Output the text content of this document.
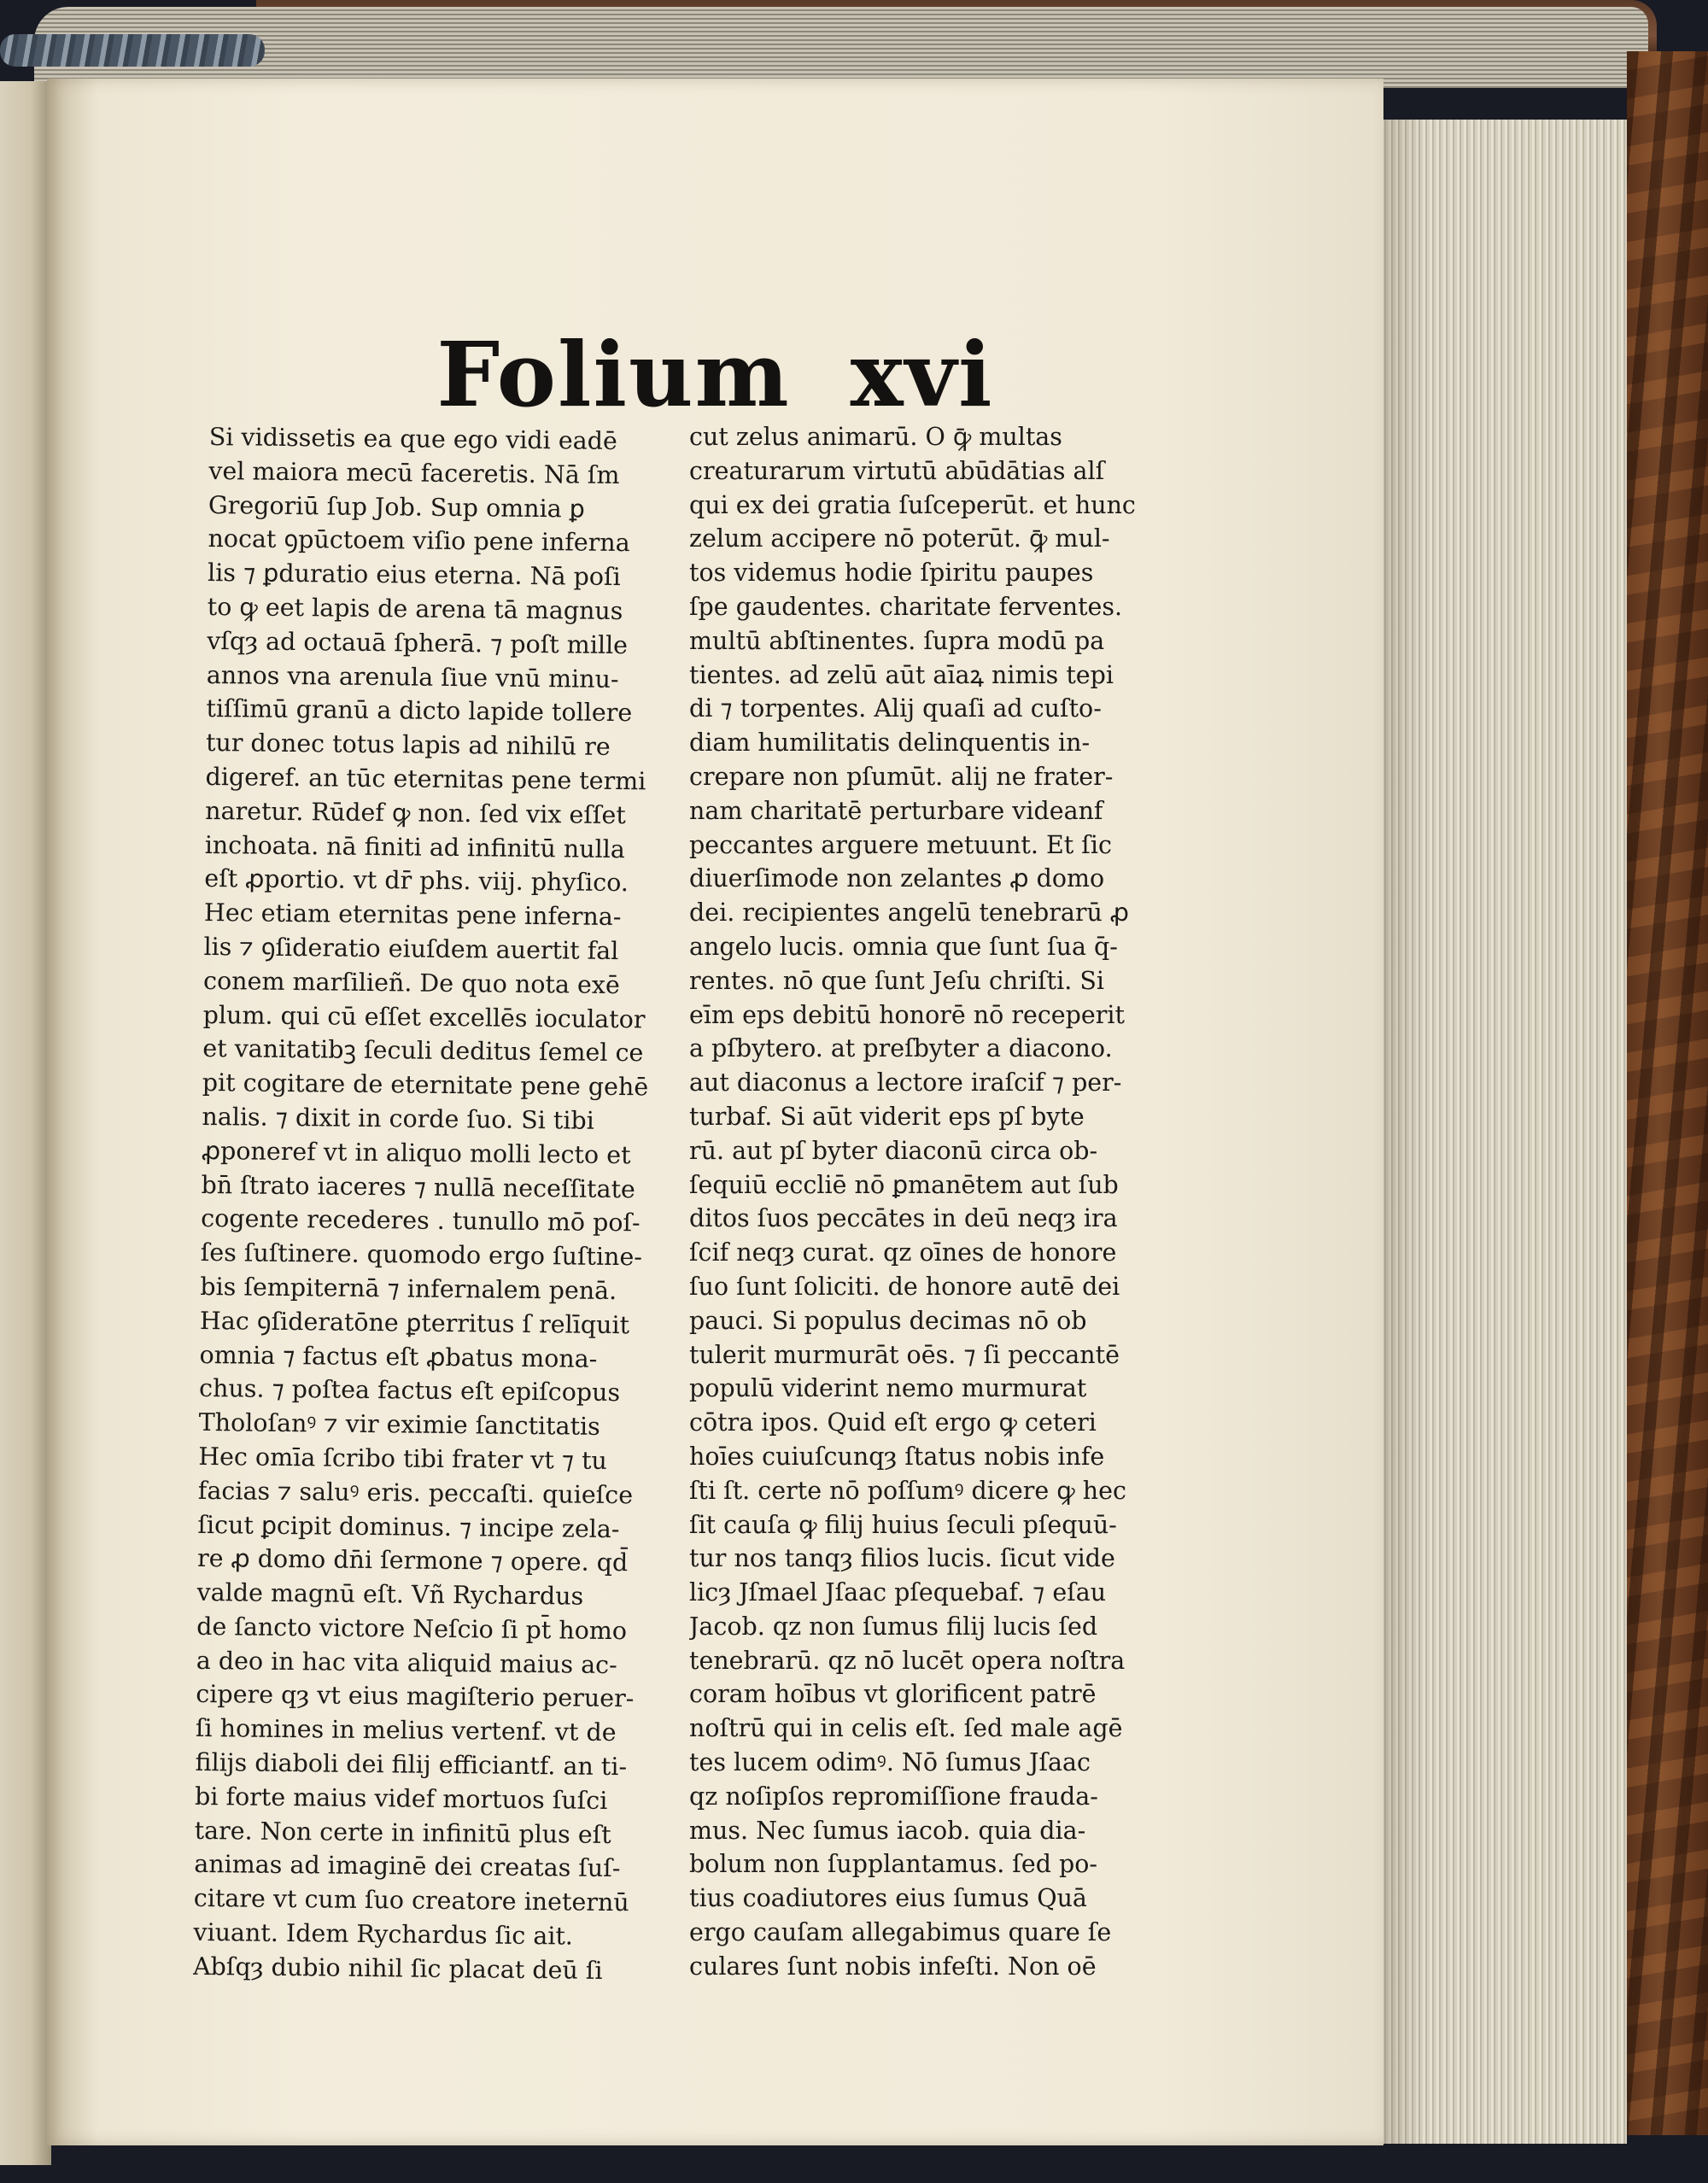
Folium xvi
Si vidissetis ea que ego vidi eadē
vel maiora mecū faceretis. Nā ſm
Gregoriū ſup Job. Sup omnia ꝑ
nocat ꝯpūctoem viſio pene inferna
lis ⁊ ꝑduratio eius eterna. Nā poſi
to ꝙ eet lapis de arena tā magnus
vſqȝ ad octauā ſpherā. ⁊ poſt mille
annos vna arenula ſiue vnū minu-
tiſſimū granū a dicto lapide tollere
tur donec totus lapis ad nihilū re
digeref. an tūc eternitas pene termi
naretur. Rūdef ꝙ non. ſed vix eſſet
inchoata. nā finiti ad infinitū nulla
eſt ꝓportio. vt dr̄ phs. viij. phyſico.
Hec etiam eternitas pene inferna-
lis ⁊ ꝯſideratio eiuſdem auertit fal
conem marſilieñ. De quo nota exē
plum. qui cū eſſet excellēs ioculator
et vanitatibꝫ ſeculi deditus ſemel ce
pit cogitare de eternitate pene gehē
nalis. ⁊ dixit in corde ſuo. Si tibi
ꝓponeref vt in aliquo molli lecto et
bn̄ ſtrato iaceres ⁊ nullā neceſſitate
cogente recederes . tunullo mō poſ-
ſes ſuſtinere. quomodo ergo ſuſtine-
bis ſempiternā ⁊ infernalem penā.
Hac ꝯſideratōne ꝑterritus ſ relīquit
omnia ⁊ factus eſt ꝓbatus mona-
chus. ⁊ poſtea factus eſt epiſcopus
Tholoſanꝰ ⁊ vir eximie ſanctitatis
Hec omīa ſcribo tibi frater vt ⁊ tu
facias ⁊ saluꝰ eris. peccaſti. quieſce
ſicut ꝑcipit dominus. ⁊ incipe zela-
re ꝓ domo dn̄i ſermone ⁊ opere. qd̄
valde magnū eſt. Vñ Rychardus
de ſancto victore Neſcio ſi pt̄ homo
a deo in hac vita aliquid maius ac-
cipere qȝ vt eius magiſterio peruer-
ſi homines in melius vertenf. vt de
filijs diaboli dei filij efficiantf. an ti-
bi forte maius videf mortuos ſuſci
tare. Non certe in infinitū plus eſt
animas ad imaginē dei creatas ſuſ-
citare vt cum ſuo creatore ineternū
viuant. Idem Rychardus ſic ait.
Abſqȝ dubio nihil ſic placat deū ſi
cut zelus animarū. O ꝙ̄ multas
creaturarum virtutū abūdātias alſ
qui ex dei gratia ſuſceperūt. et hunc
zelum accipere nō poterūt. ꝙ̄ mul-
tos videmus hodie ſpiritu paupes
ſpe gaudentes. charitate ferventes.
multū abſtinentes. ſupra modū pa
tientes. ad zelū aūt aīaꝝ nimis tepi
di ⁊ torpentes. Alij quaſi ad cuſto-
diam humilitatis delinquentis in-
crepare non pſumūt. alij ne frater-
nam charitatē perturbare videanf
peccantes arguere metuunt. Et ſic
diuerſimode non zelantes ꝓ domo
dei. recipientes angelū tenebrarū ꝓ
angelo lucis. omnia que ſunt ſua q̄-
rentes. nō que ſunt Jeſu chriſti. Si
eīm eps debitū honorē nō receperit
a pſbytero. at preſbyter a diacono.
aut diaconus a lectore iraſcif ⁊ per-
turbaf. Si aūt viderit eps pſ byte
rū. aut pſ byter diaconū circa ob-
ſequiū eccliē nō ꝑmanētem aut ſub
ditos ſuos peccātes in deū neqȝ ira
ſcif neqȝ curat. qz oīnes de honore
ſuo ſunt ſoliciti. de honore autē dei
pauci. Si populus decimas nō ob
tulerit murmurāt oēs. ⁊ ſi peccantē
populū viderint nemo murmurat
cōtra ipos. Quid eſt ergo ꝙ ceteri
hoīes cuiuſcunqȝ ſtatus nobis infe
ſti ſt. certe nō poſſumꝰ dicere ꝙ hec
ſit cauſa ꝙ filij huius ſeculi pſequū-
tur nos tanqȝ filios lucis. ſicut vide
licȝ Jſmael Jſaac pſequebaf. ⁊ eſau
Jacob. qz non ſumus filij lucis ſed
tenebrarū. qz nō lucēt opera noſtra
coram hoībus vt glorificent patrē
noſtrū qui in celis eſt. ſed male agē
tes lucem odimꝰ. Nō ſumus Jſaac
qz noſipſos repromiſſione frauda-
mus. Nec ſumus iacob. quia dia-
bolum non ſupplantamus. ſed po-
tius coadiutores eius ſumus Quā
ergo cauſam allegabimus quare ſe
culares ſunt nobis infeſti. Non oē
